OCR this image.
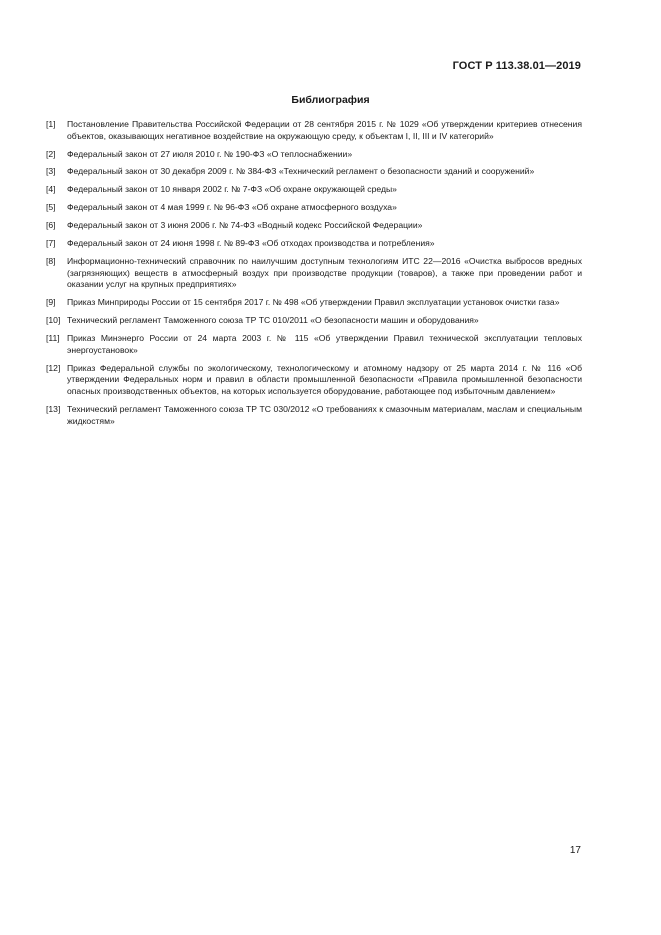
ГОСТ Р 113.38.01—2019
Библиография
[1]	Постановление Правительства Российской Федерации от 28 сентября 2015 г. № 1029 «Об утверждении критериев отнесения объектов, оказывающих негативное воздействие на окружающую среду, к объектам I, II, III и IV категорий»
[2]	Федеральный закон от 27 июля 2010 г. № 190-ФЗ «О теплоснабжении»
[3]	Федеральный закон от 30 декабря 2009 г. № 384-ФЗ «Технический регламент о безопасности зданий и сооружений»
[4]	Федеральный закон от 10 января 2002 г. № 7-ФЗ «Об охране окружающей среды»
[5]	Федеральный закон от 4 мая 1999 г. № 96-ФЗ «Об охране атмосферного воздуха»
[6]	Федеральный закон от 3 июня 2006 г. № 74-ФЗ «Водный кодекс Российской Федерации»
[7]	Федеральный закон от 24 июня 1998 г. № 89-ФЗ «Об отходах производства и потребления»
[8]	Информационно-технический справочник по наилучшим доступным технологиям ИТС 22—2016 «Очистка выбросов вредных (загрязняющих) веществ в атмосферный воздух при производстве продукции (товаров), а также при проведении работ и оказании услуг на крупных предприятиях»
[9]	Приказ Минприроды России от 15 сентября 2017 г. № 498 «Об утверждении Правил эксплуатации установок очистки газа»
[10] Технический регламент Таможенного союза ТР ТС 010/2011 «О безопасности машин и оборудования»
[11] Приказ Минэнерго России от 24 марта 2003 г. № 115 «Об утверждении Правил технической эксплуатации тепловых энергоустановок»
[12] Приказ Федеральной службы по экологическому, технологическому и атомному надзору от 25 марта 2014 г. № 116 «Об утверждении Федеральных норм и правил в области промышленной безопасности «Правила промышленной безопасности опасных производственных объектов, на которых используется оборудование, работающее под избыточным давлением»
[13] Технический регламент Таможенного союза ТР ТС 030/2012 «О требованиях к смазочным материалам, маслам и специальным жидкостям»
17
